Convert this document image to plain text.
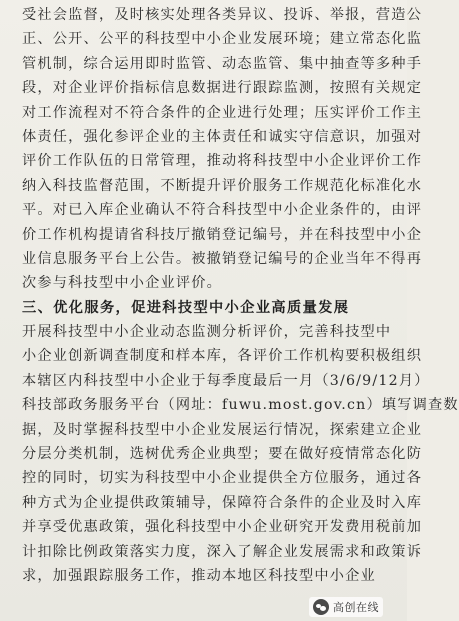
受社会监督，及时核实处理各类异议、投诉、举报，营造公
正、公开、公平的科技型中小企业发展环境；建立常态化监
管机制，综合运用即时监管、动态监管、集中抽查等多种手
段，对企业评价指标信息数据进行跟踪监测，按照有关规定
对工作流程对不符合条件的企业进行处理；压实评价工作主
体责任，强化参评企业的主体责任和诚实守信意识，加强对
评价工作队伍的日常管理，推动将科技型中小企业评价工作
纳入科技监督范围，不断提升评价服务工作规范化标准化水
平。对已入库企业确认不符合科技型中小企业条件的，由评
价工作机构提请省科技厅撤销登记编号，并在科技型中小企
业信息服务平台上公告。被撤销登记编号的企业当年不得再
次参与科技型中小企业评价。
三、优化服务，促进科技型中小企业高质量发展
开展科技型中小企业动态监测分析评价，完善科技型中
小企业创新调查制度和样本库，各评价工作机构要积极组织
本辖区内科技型中小企业于每季度最后一月（3/6/9/12月）
科技部政务服务平台（网址：fuwu.most.gov.cn）填写调查数
据，及时掌握科技型中小企业发展运行情况，探索建立企业
分层分类机制，选树优秀企业典型；要在做好疫情常态化防
控的同时，切实为科技型中小企业提供全方位服务，通过各
种方式为企业提供政策辅导，保障符合条件的企业及时入库
并享受优惠政策，强化科技型中小企业研究开发费用税前加
计扣除比例政策落实力度，深入了解企业发展需求和政策诉
求，加强跟踪服务工作，推动本地区科技型中小企业
高创在线
